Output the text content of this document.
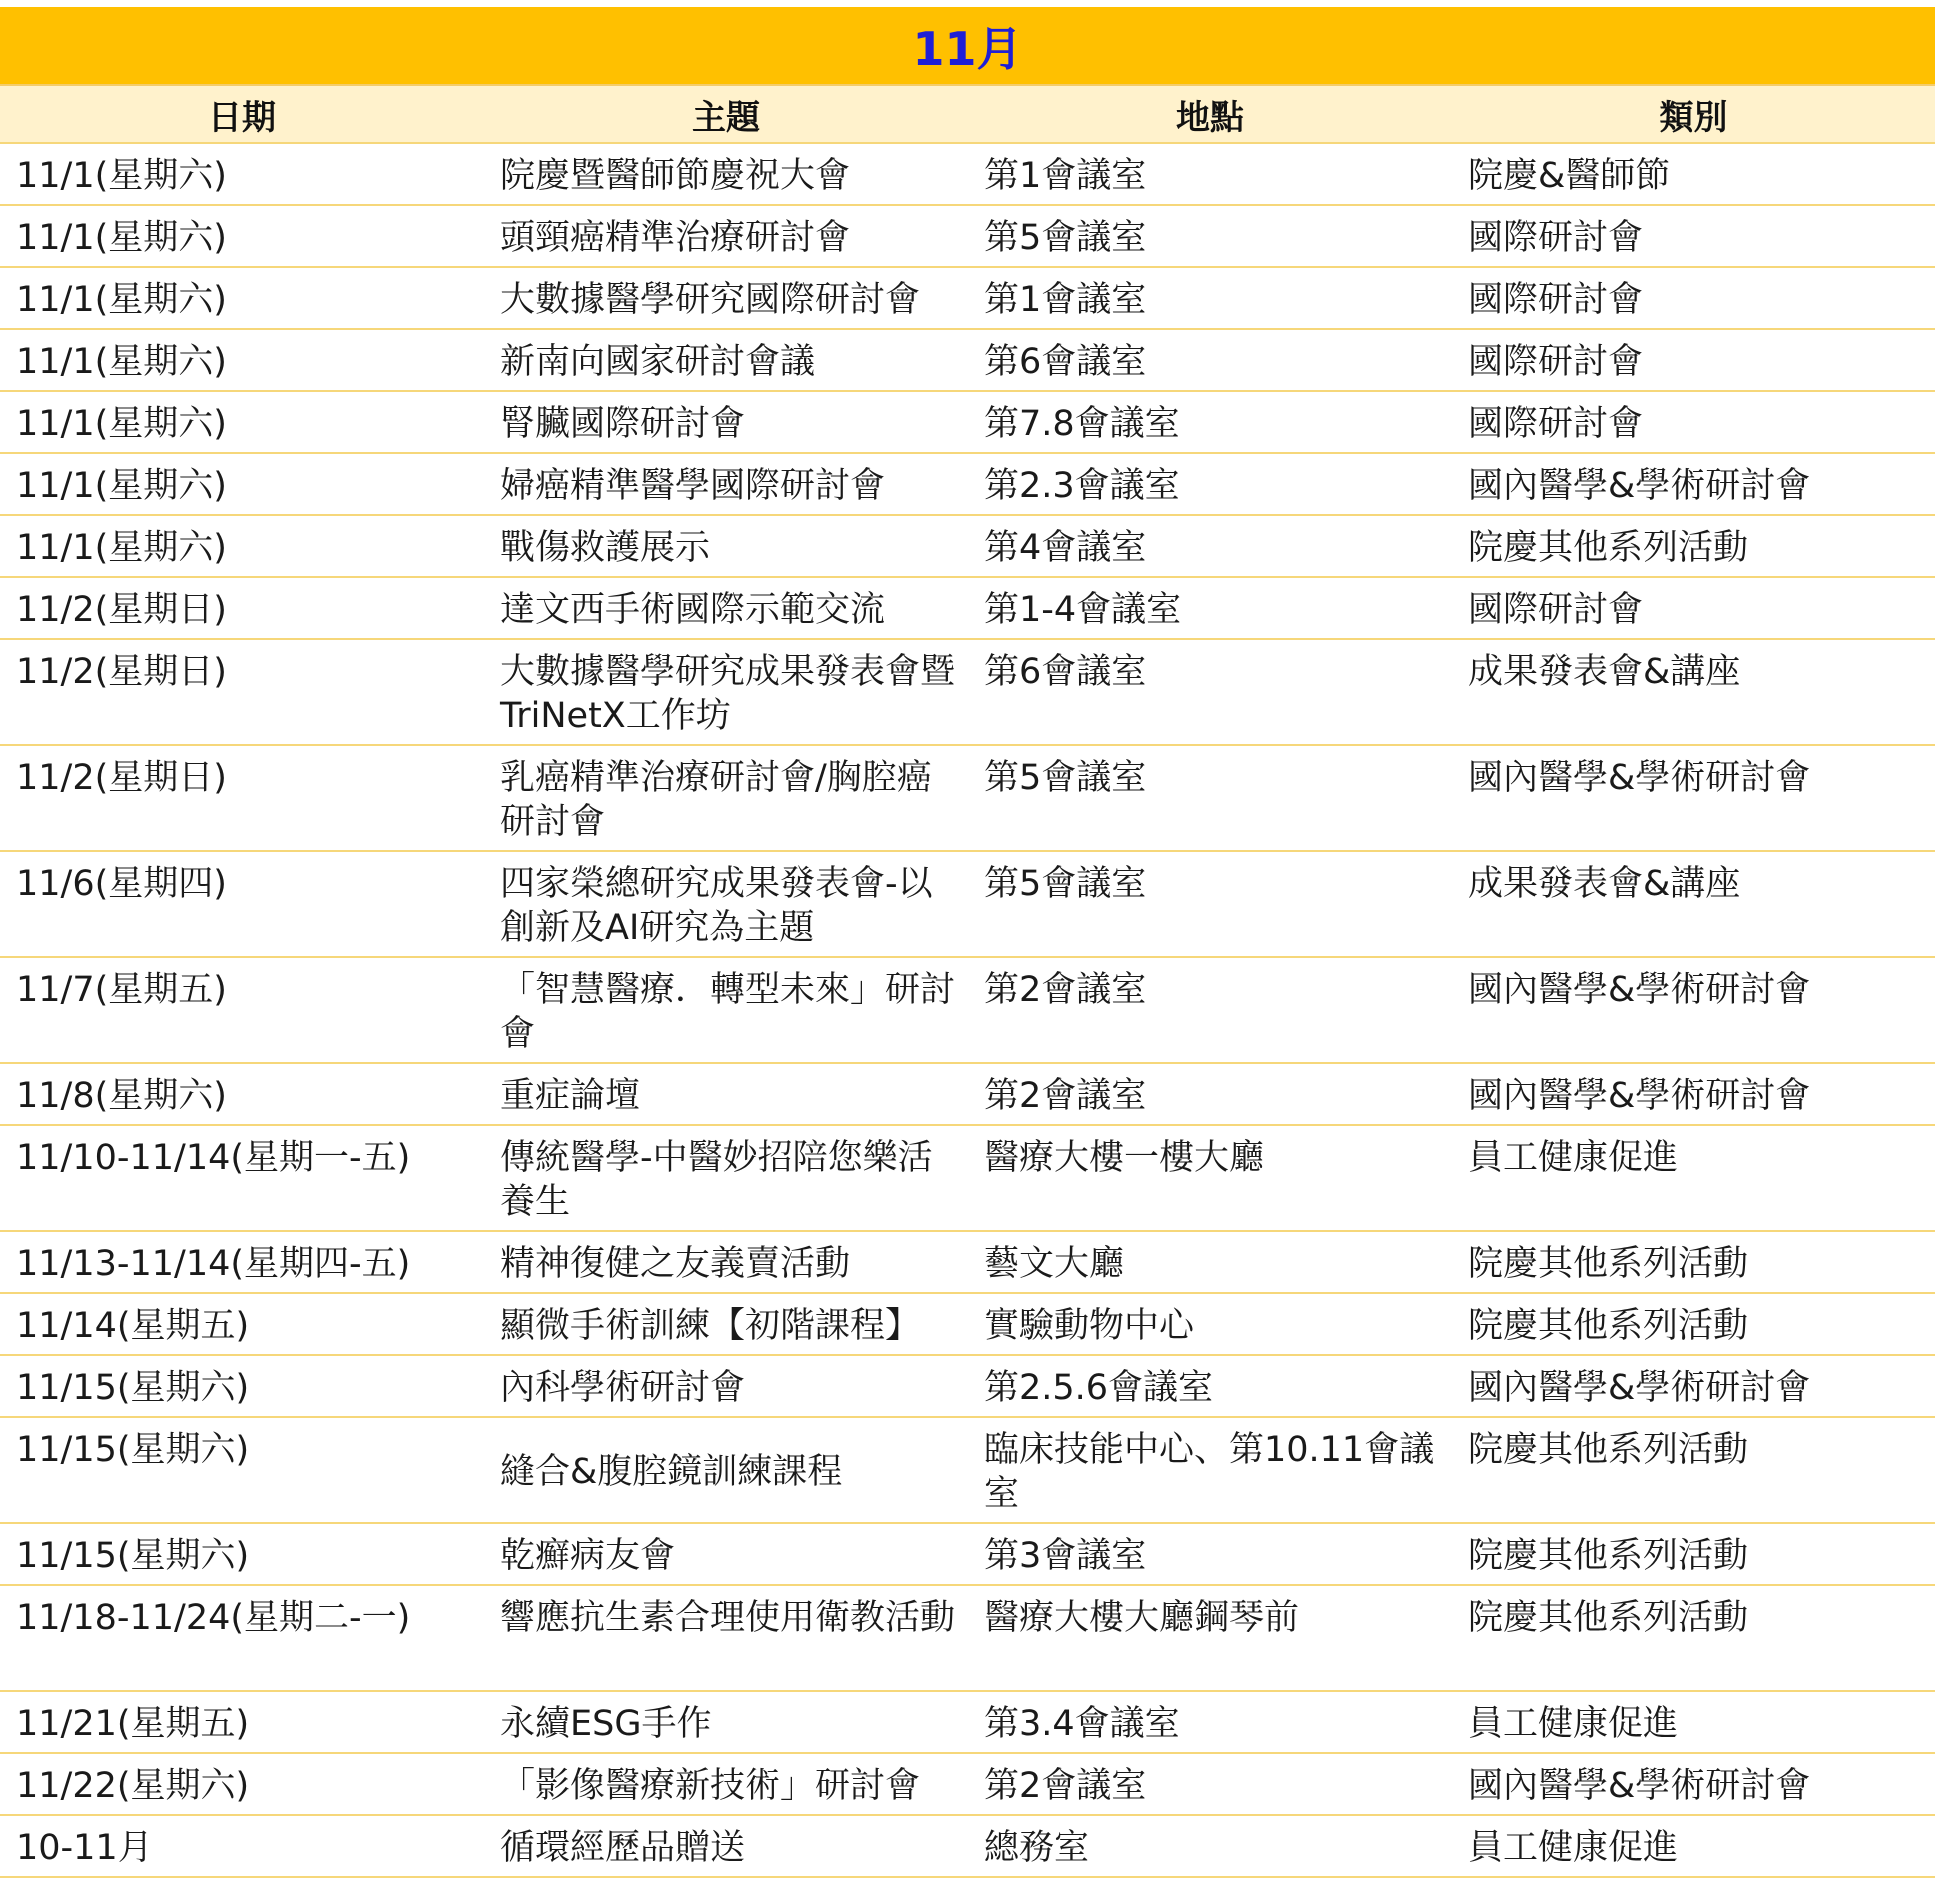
11月			
日期	主題	地點	類別
11/1(星期六)	院慶暨醫師節慶祝大會	第1會議室	院慶&醫師節
11/1(星期六)	頭頸癌精準治療研討會	第5會議室	國際研討會
11/1(星期六)	大數據醫學研究國際研討會	第1會議室	國際研討會
11/1(星期六)	新南向國家研討會議	第6會議室	國際研討會
11/1(星期六)	腎臟國際研討會	第7.8會議室	國際研討會
11/1(星期六)	婦癌精準醫學國際研討會	第2.3會議室	國內醫學&學術研討會
11/1(星期六)	戰傷救護展示	第4會議室	院慶其他系列活動
11/2(星期日)	達文西手術國際示範交流	第1-4會議室	國際研討會
11/2(星期日)	大數據醫學研究成果發表會暨TriNetX工作坊	第6會議室	成果發表會&講座
11/2(星期日)	乳癌精準治療研討會/胸腔癌研討會	第5會議室	國內醫學&學術研討會
11/6(星期四)	四家榮總研究成果發表會-以創新及AI研究為主題	第5會議室	成果發表會&講座
11/7(星期五)	「智慧醫療．轉型未來」研討會	第2會議室	國內醫學&學術研討會
11/8(星期六)	重症論壇	第2會議室	國內醫學&學術研討會
11/10-11/14(星期一-五)	傳統醫學-中醫妙招陪您樂活養生	醫療大樓一樓大廳	員工健康促進
11/13-11/14(星期四-五)	精神復健之友義賣活動	藝文大廳	院慶其他系列活動
11/14(星期五)	顯微手術訓練【初階課程】	實驗動物中心	院慶其他系列活動
11/15(星期六)	內科學術研討會	第2.5.6會議室	國內醫學&學術研討會
11/15(星期六)	縫合&腹腔鏡訓練課程	臨床技能中心、第10.11會議室	院慶其他系列活動
11/15(星期六)	乾癬病友會	第3會議室	院慶其他系列活動
11/18-11/24(星期二-一)	響應抗生素合理使用衛教活動	醫療大樓大廳鋼琴前	院慶其他系列活動
11/21(星期五)	永續ESG手作	第3.4會議室	員工健康促進
11/22(星期六)	「影像醫療新技術」研討會	第2會議室	國內醫學&學術研討會
10-11月	循環經歷品贈送	總務室	員工健康促進
